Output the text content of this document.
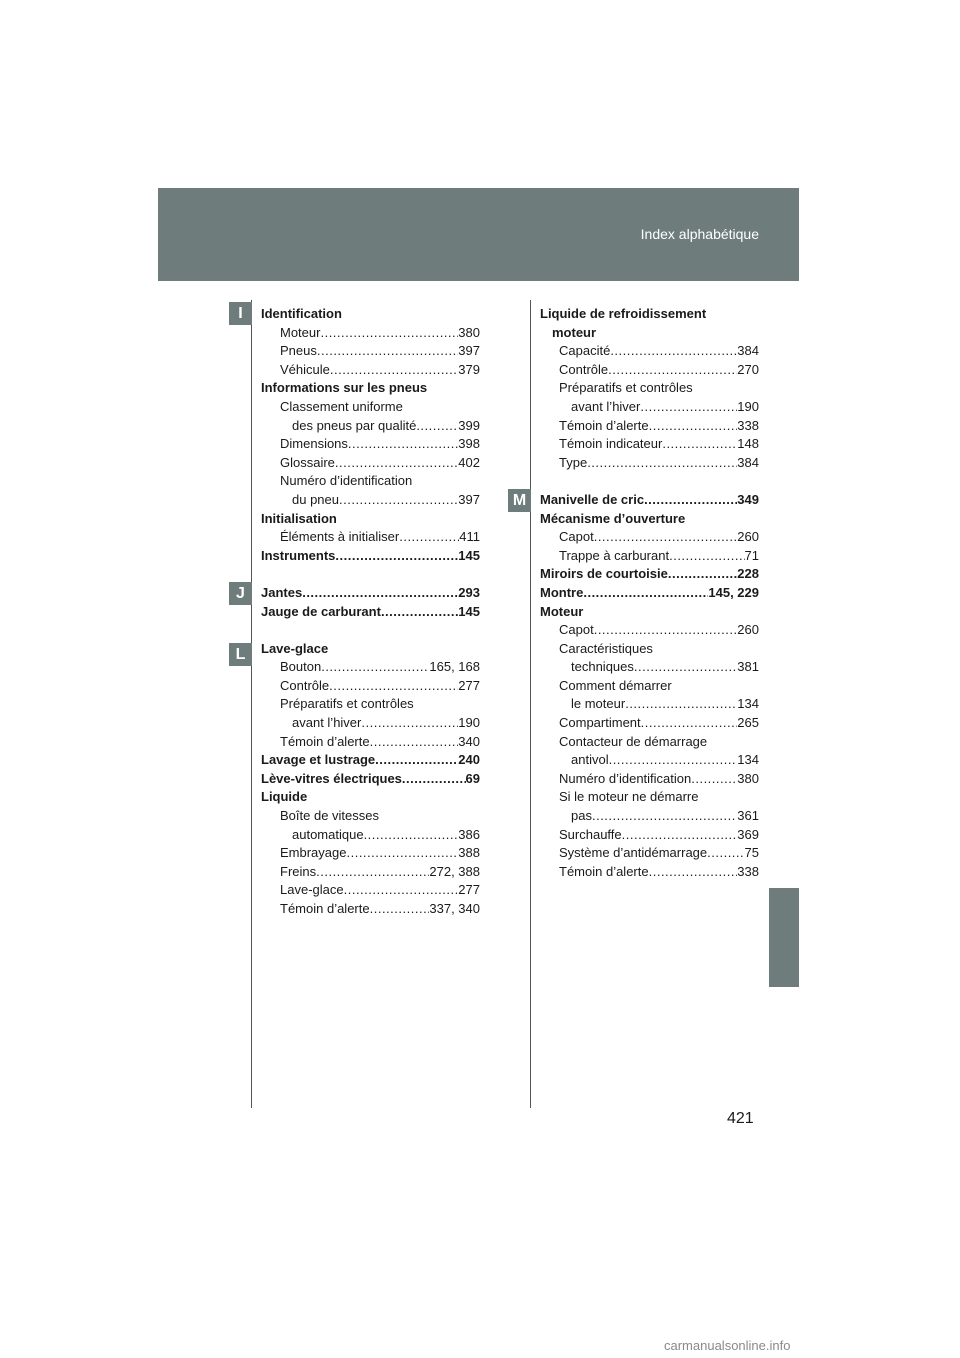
Index alphabétique
I
J
L
M
Identification
Moteur .....	380
Pneus .....	397
Véhicule .....	379
Informations sur les pneus
Classement uniforme
des pneus par qualité .....	399
Dimensions .....	398
Glossaire .....	402
Numéro d’identification
du pneu .....	397
Initialisation
Éléments à initialiser .....	411
Instruments .....	145
Jantes .....	293
Jauge de carburant .....	145
Lave-glace
Bouton .....	165, 168
Contrôle .....	277
Préparatifs et contrôles
avant l’hiver .....	190
Témoin d’alerte .....	340
Lavage et lustrage .....	240
Lève-vitres électriques .....	69
Liquide
Boîte de vitesses
automatique .....	386
Embrayage .....	388
Freins .....	272, 388
Lave-glace .....	277
Témoin d’alerte .....	337, 340
Liquide de refroidissement
moteur
Capacité .....	384
Contrôle .....	270
Préparatifs et contrôles
avant l’hiver .....	190
Témoin d’alerte .....	338
Témoin indicateur .....	148
Type .....	384
Manivelle de cric .....	349
Mécanisme d’ouverture
Capot .....	260
Trappe à carburant .....	71
Miroirs de courtoisie .....	228
Montre .....	145, 229
Moteur
Capot .....	260
Caractéristiques
techniques .....	381
Comment démarrer
le moteur .....	134
Compartiment .....	265
Contacteur de démarrage
antivol .....	134
Numéro d’identification .....	380
Si le moteur ne démarre
pas .....	361
Surchauffe .....	369
Système d’antidémarrage .....	75
Témoin d’alerte .....	338
421
carmanualsonline.info
